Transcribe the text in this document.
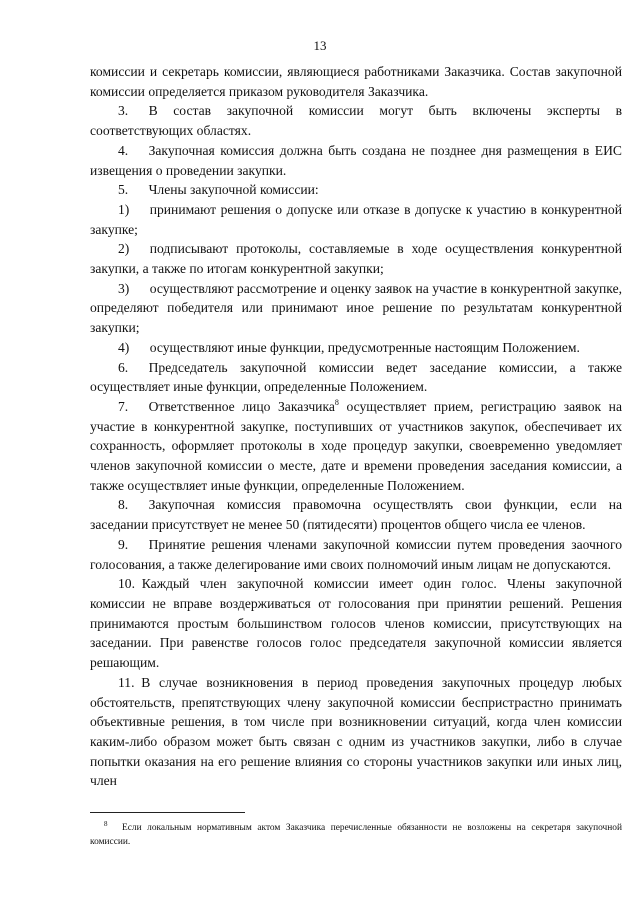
13

комиссии и секретарь комиссии, являющиеся работниками Заказчика. Состав закупочной комиссии определяется приказом руководителя Заказчика.

3.  В состав закупочной комиссии могут быть включены эксперты в соответствующих областях.

4.  Закупочная комиссия должна быть создана не позднее дня размещения в ЕИС извещения о проведении закупки.

5.  Члены закупочной комиссии:

1)  принимают решения о допуске или отказе в допуске к участию в конкурентной закупке;

2)  подписывают протоколы, составляемые в ходе осуществления конкурентной закупки, а также по итогам конкурентной закупки;

3)  осуществляют рассмотрение и оценку заявок на участие в конкурентной закупке, определяют победителя или принимают иное решение по результатам конкурентной закупки;

4)  осуществляют иные функции, предусмотренные настоящим Положением.

6.  Председатель закупочной комиссии ведет заседание комиссии, а также осуществляет иные функции, определенные Положением.

7.  Ответственное лицо Заказчика$^8$ осуществляет прием, регистрацию заявок на участие в конкурентной закупке, поступивших от участников закупок, обеспечивает их сохранность, оформляет протоколы в ходе процедур закупки, своевременно уведомляет членов закупочной комиссии о месте, дате и времени проведения заседания комиссии, а также осуществляет иные функции, определенные Положением.

8.  Закупочная комиссия правомочна осуществлять свои функции, если на заседании присутствует не менее 50 (пятидесяти) процентов общего числа ее членов.

9.  Принятие решения членами закупочной комиссии путем проведения заочного голосования, а также делегирование ими своих полномочий иным лицам не допускаются.

10. Каждый член закупочной комиссии имеет один голос. Члены закупочной комиссии не вправе воздерживаться от голосования при принятии решений. Решения принимаются простым большинством голосов членов комиссии, присутствующих на заседании. При равенстве голосов голос председателя закупочной комиссии является решающим.

11. В случае возникновения в период проведения закупочных процедур любых обстоятельств, препятствующих члену закупочной комиссии беспристрастно принимать объективные решения, в том числе при возникновении ситуаций, когда член комиссии каким-либо образом может быть связан с одним из участников закупки, либо в случае попытки оказания на его решение влияния со стороны участников закупки или иных лиц, член

$^8$ Если локальным нормативным актом Заказчика перечисленные обязанности не возложены на секретаря закупочной комиссии.
